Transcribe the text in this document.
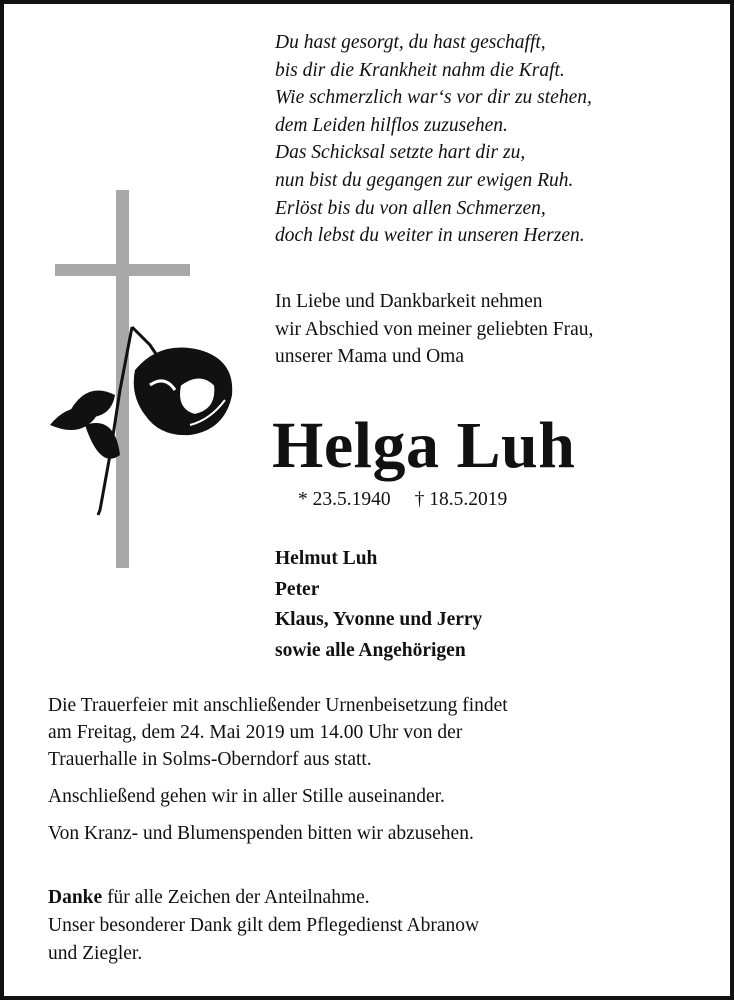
Du hast gesorgt, du hast geschafft,
bis dir die Krankheit nahm die Kraft.
Wie schmerzlich war‘s vor dir zu stehen,
dem Leiden hilflos zuzusehen.
Das Schicksal setzte hart dir zu,
nun bist du gegangen zur ewigen Ruh.
Erlöst bis du von allen Schmerzen,
doch lebst du weiter in unseren Herzen.
In Liebe und Dankbarkeit nehmen
wir Abschied von meiner geliebten Frau,
unserer Mama und Oma
Helga Luh
* 23.5.1940 † 18.5.2019
Helmut Luh
Peter
Klaus, Yvonne und Jerry
sowie alle Angehörigen
Die Trauerfeier mit anschließender Urnenbeisetzung findet
am Freitag, dem 24. Mai 2019 um 14.00 Uhr von der
Trauerhalle in Solms-Oberndorf aus statt.
Anschließend gehen wir in aller Stille auseinander.
Von Kranz- und Blumenspenden bitten wir abzusehen.
Danke für alle Zeichen der Anteilnahme.
Unser besonderer Dank gilt dem Pflegedienst Abranow
und Ziegler.
